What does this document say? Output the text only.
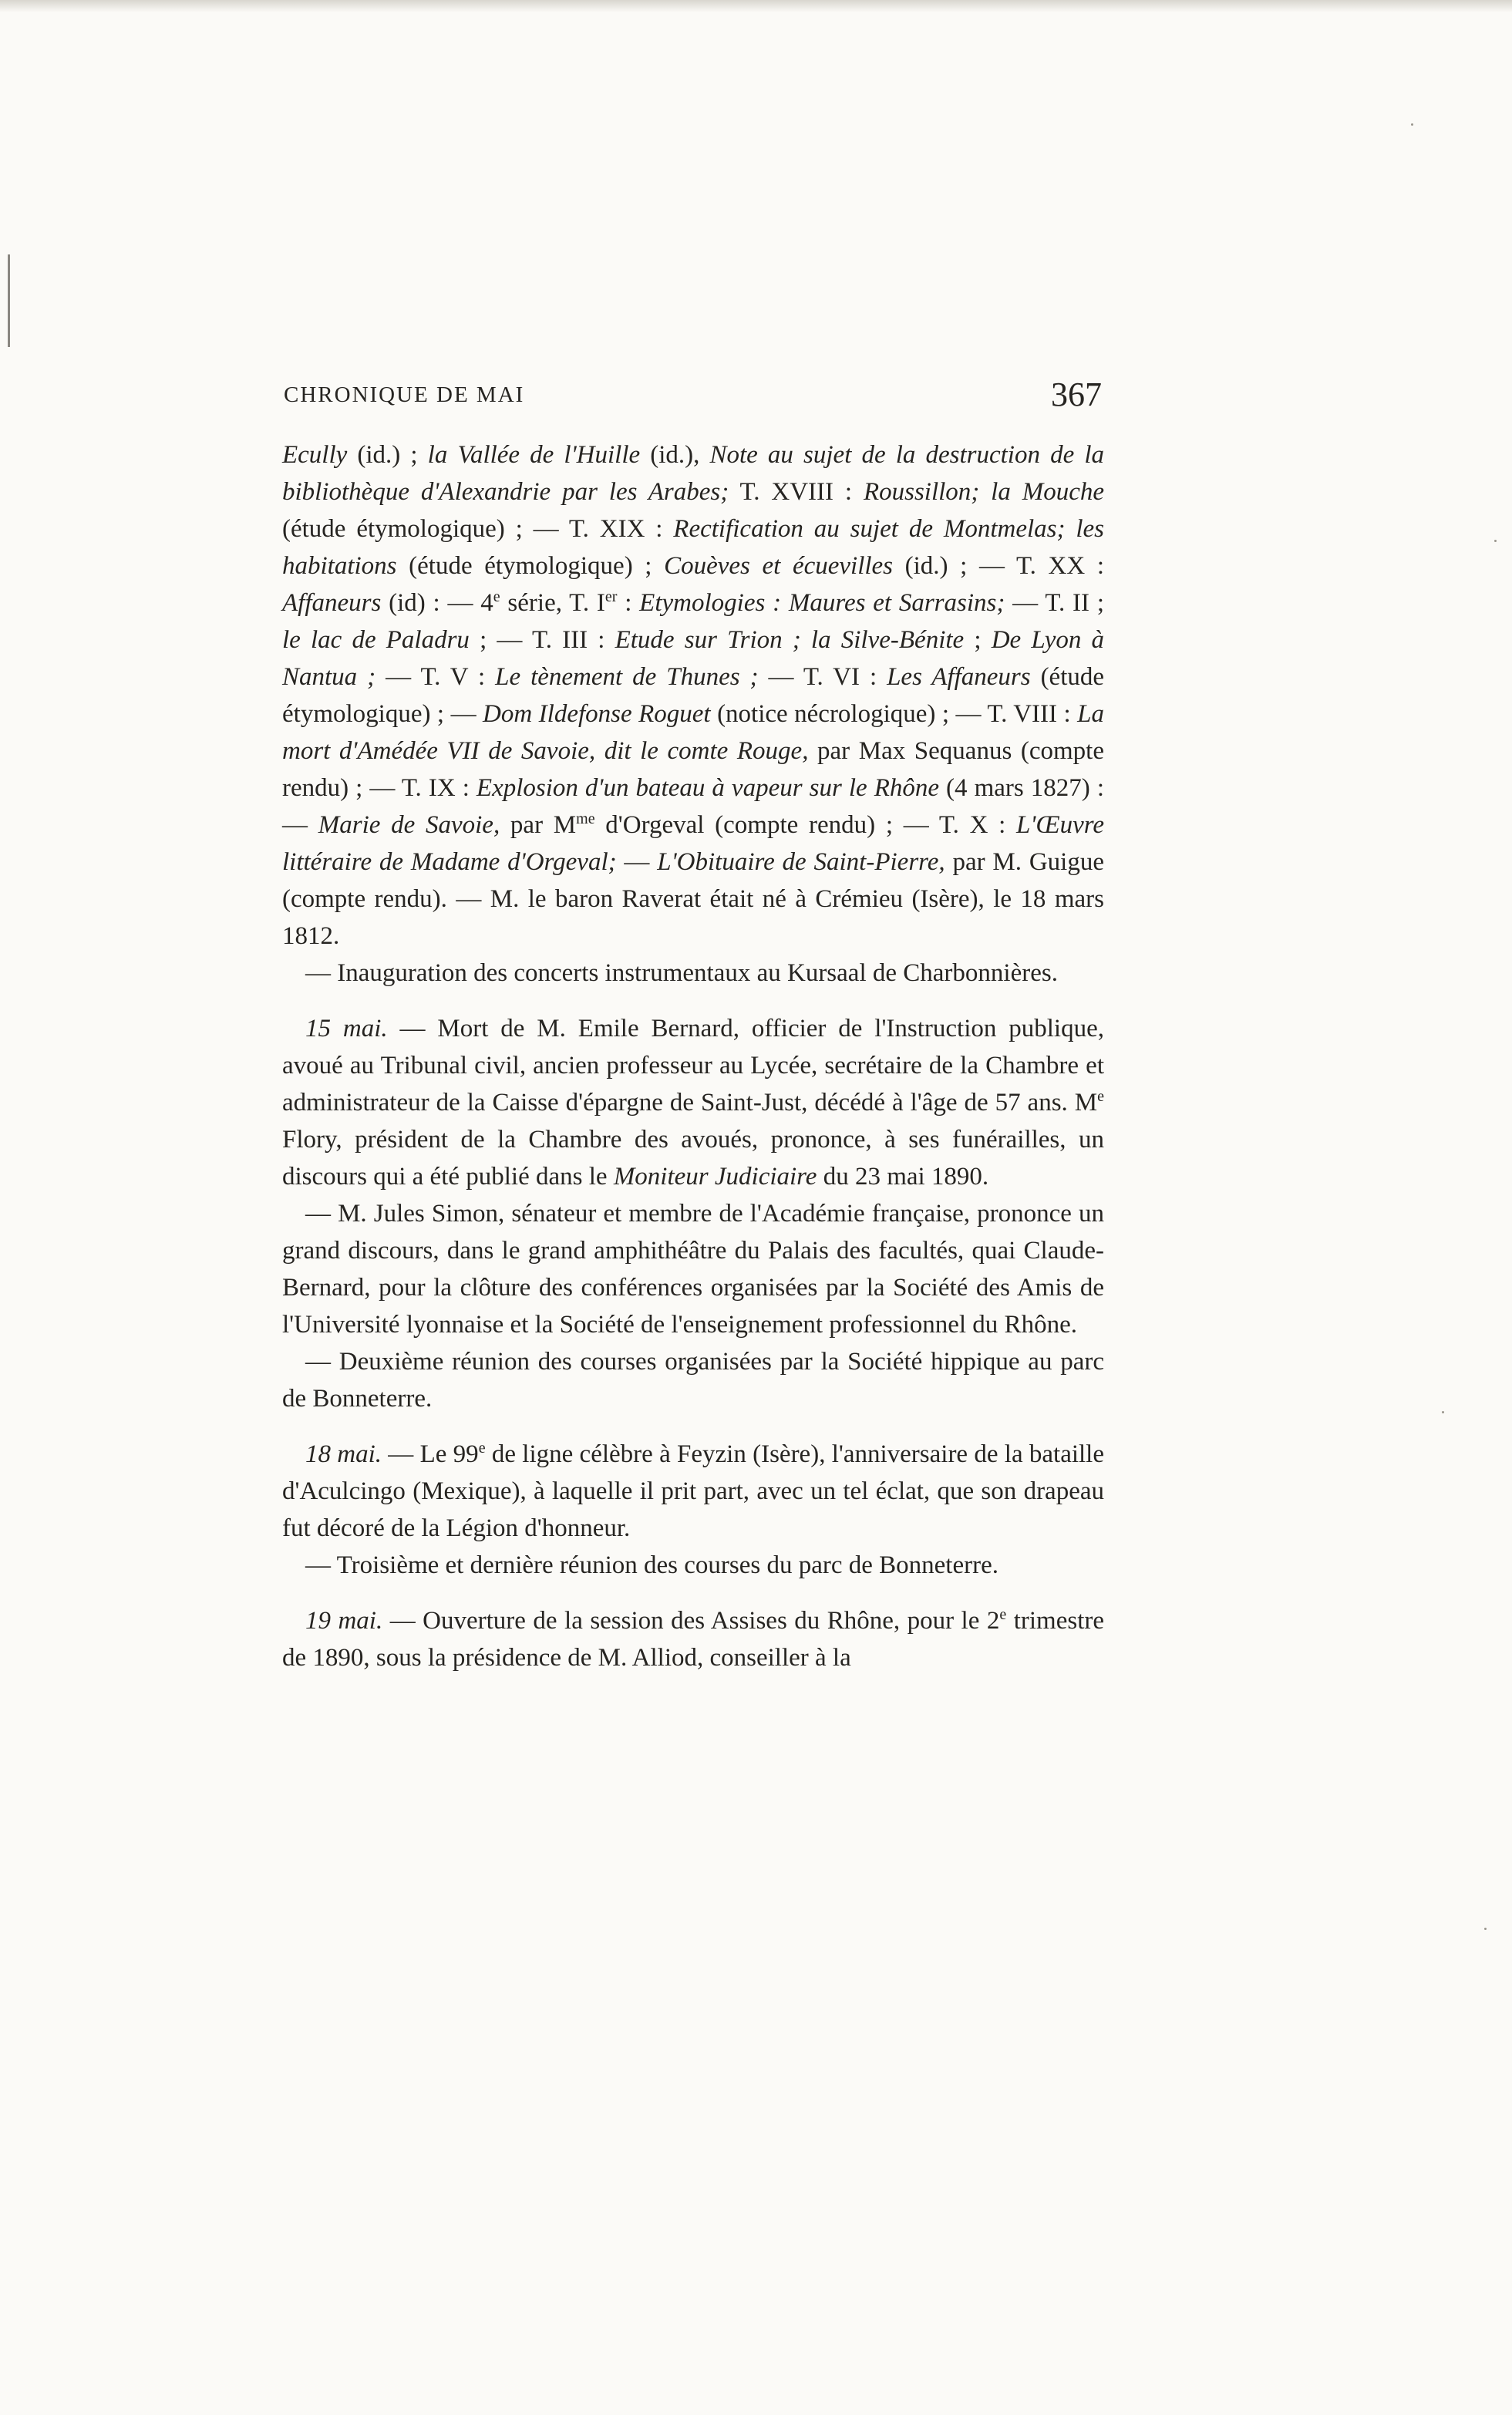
CHRONIQUE DE MAI	367

Ecully (id.) ; la Vallée de l'Huille (id.), Note au sujet de la destruction de la bibliothèque d'Alexandrie par les Arabes; T. XVIII : Roussillon; la Mouche (étude étymologique) ; — T. XIX : Rectification au sujet de Montmelas; les habitations (étude étymologique) ; Couèves et écuevilles (id.) ; — T. XX : Affaneurs (id) : — 4e série, T. Ier : Etymologies : Maures et Sarrasins; — T. II ; le lac de Paladru ; — T. III : Etude sur Trion ; la Silve-Bénite ; De Lyon à Nantua ; — T. V : Le tènement de Thunes ; — T. VI : Les Affaneurs (étude étymologique) ; — Dom Ildefonse Roguet (notice nécrologique) ; — T. VIII : La mort d'Amédée VII de Savoie, dit le comte Rouge, par Max Sequanus (compte rendu) ; — T. IX : Explosion d'un bateau à vapeur sur le Rhône (4 mars 1827) : — Marie de Savoie, par $M^{me}$ d'Orgeval (compte rendu) ; — T. X : L'Œuvre littéraire de Madame d'Orgeval; — L'Obituaire de Saint-Pierre, par M. Guigue (compte rendu). — M. le baron Raverat était né à Crémieu (Isère), le 18 mars 1812.

— Inauguration des concerts instrumentaux au Kursaal de Charbonnières.

15 mai. — Mort de M. Emile Bernard, officier de l'Instruction publique, avoué au Tribunal civil, ancien professeur au Lycée, secrétaire de la Chambre et administrateur de la Caisse d'épargne de Saint-Just, décédé à l'âge de 57 ans. Me Flory, président de la Chambre des avoués, prononce, à ses funérailles, un discours qui a été publié dans le Moniteur Judiciaire du 23 mai 1890.

— M. Jules Simon, sénateur et membre de l'Académie française, prononce un grand discours, dans le grand amphithéâtre du Palais des facultés, quai Claude-Bernard, pour la clôture des conférences organisées par la Société des Amis de l'Université lyonnaise et la Société de l'enseignement professionnel du Rhône.

— Deuxième réunion des courses organisées par la Société hippique au parc de Bonneterre.

18 mai. — Le 99e de ligne célèbre à Feyzin (Isère), l'anniversaire de la bataille d'Aculcingo (Mexique), à laquelle il prit part, avec un tel éclat, que son drapeau fut décoré de la Légion d'honneur.

— Troisième et dernière réunion des courses du parc de Bonneterre.

19 mai. — Ouverture de la session des Assises du Rhône, pour le 2e trimestre de 1890, sous la présidence de M. Alliod, conseiller à la
